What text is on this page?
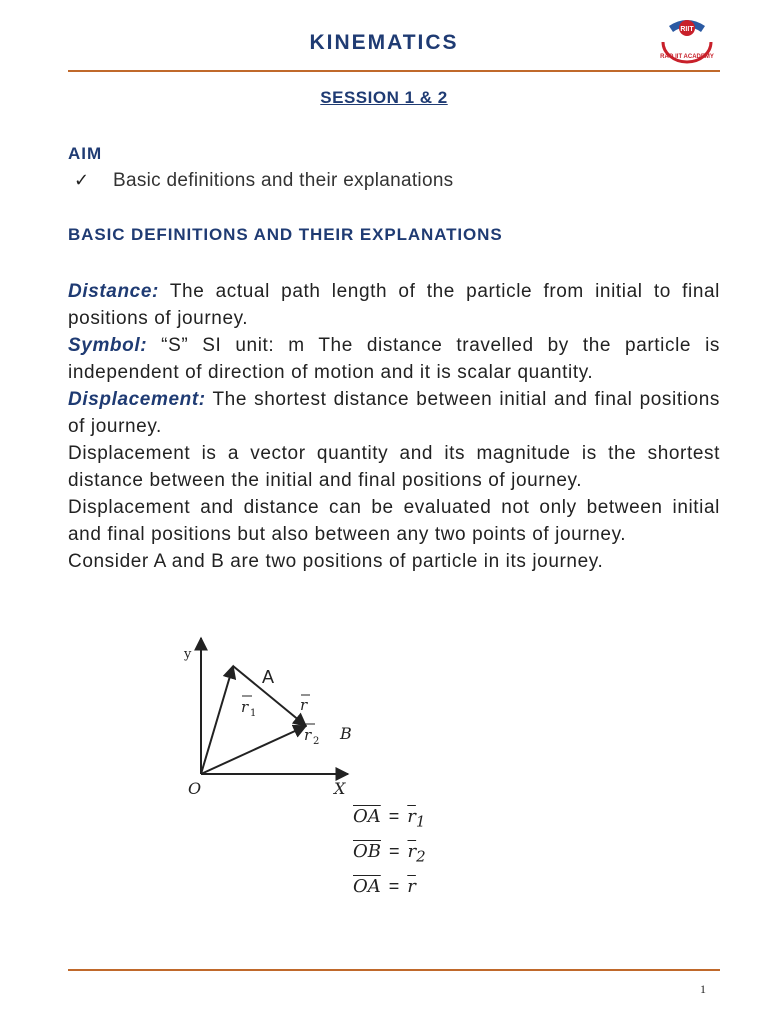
KINEMATICS
RIIT
RAO IIT ACADEMY
SESSION 1 & 2
AIM
✓ Basic definitions and their explanations
BASIC DEFINITIONS AND THEIR EXPLANATIONS

Distance: The actual path length of the particle from initial to final positions of journey.

Symbol: “S” SI unit: m The distance travelled by the particle is independent of direction of motion and it is scalar quantity.

Displacement: The shortest distance between initial and final positions of journey.

Displacement is a vector quantity and its magnitude is the shortest distance between the initial and final positions of journey.

Displacement and distance can be evaluated not only between initial and final positions but also between any two points of journey.

Consider A and B are two positions of particle in its journey.

y
O	X
A
B
r 1	r
r 2
$\overline{OA} = \overline{r}_1$
$\overline{OB} = \overline{r}_2$
$\overline{OA} = \overline{r}$
1
